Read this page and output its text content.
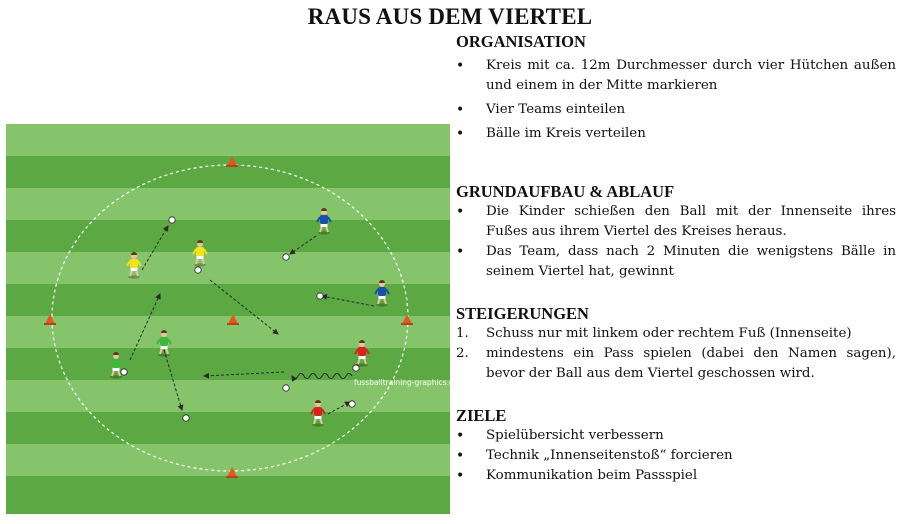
RAUS AUS DEM VIERTEL
fussballtraining-graphics.de
ORGANISATION
•	Kreis mit ca. 12m Durchmesser durch vier Hütchen außen und einem in der Mitte markieren
•	Vier Teams einteilen
•	Bälle im Kreis verteilen
GRUNDAUFBAU & ABLAUF
•	Die Kinder schießen den Ball mit der Innenseite ihres Fußes aus ihrem Viertel des Kreises heraus.
•	Das Team, dass nach 2 Minuten die wenigstens Bälle in seinem Viertel hat, gewinnt
STEIGERUNGEN
1.	Schuss nur mit linkem oder rechtem Fuß (Innenseite)
2.	mindestens ein Pass spielen (dabei den Namen sagen), bevor der Ball aus dem Viertel geschossen wird.
ZIELE
•	Spielübersicht verbessern
•	Technik „Innenseitenstoß“ forcieren
•	Kommunikation beim Passspiel
